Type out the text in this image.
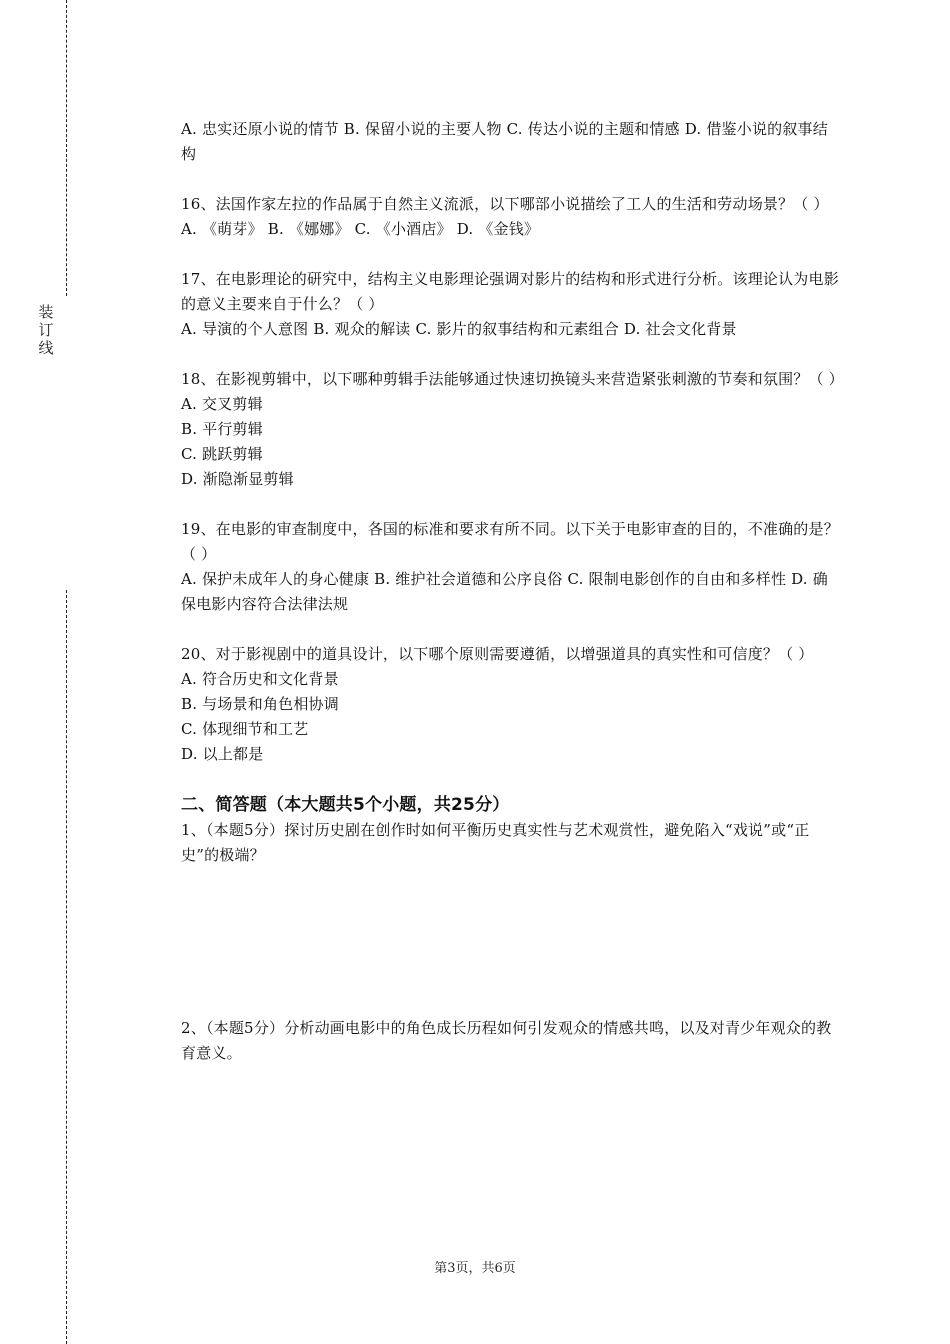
装
订
线

A. 忠实还原小说的情节 B. 保留小说的主要人物 C. 传达小说的主题和情感 D. 借鉴小说的叙事结构

16、法国作家左拉的作品属于自然主义流派，以下哪部小说描绘了工人的生活和劳动场景？（ ）

A. 《萌芽》 B. 《娜娜》 C. 《小酒店》 D. 《金钱》

17、在电影理论的研究中，结构主义电影理论强调对影片的结构和形式进行分析。该理论认为电影的意义主要来自于什么？（ ）

A. 导演的个人意图 B. 观众的解读 C. 影片的叙事结构和元素组合 D. 社会文化背景

18、在影视剪辑中，以下哪种剪辑手法能够通过快速切换镜头来营造紧张刺激的节奏和氛围？（ ）

A. 交叉剪辑

B. 平行剪辑

C. 跳跃剪辑

D. 渐隐渐显剪辑

19、在电影的审查制度中，各国的标准和要求有所不同。以下关于电影审查的目的，不准确的是？（ ）

A. 保护未成年人的身心健康 B. 维护社会道德和公序良俗 C. 限制电影创作的自由和多样性 D. 确保电影内容符合法律法规

20、对于影视剧中的道具设计，以下哪个原则需要遵循，以增强道具的真实性和可信度？（ ）

A. 符合历史和文化背景

B. 与场景和角色相协调

C. 体现细节和工艺

D. 以上都是

二、简答题（本大题共5个小题，共25分）

1、（本题5分）探讨历史剧在创作时如何平衡历史真实性与艺术观赏性，避免陷入“戏说”或“正史”的极端？

2、（本题5分）分析动画电影中的角色成长历程如何引发观众的情感共鸣，以及对青少年观众的教育意义。

第3页，共6页
